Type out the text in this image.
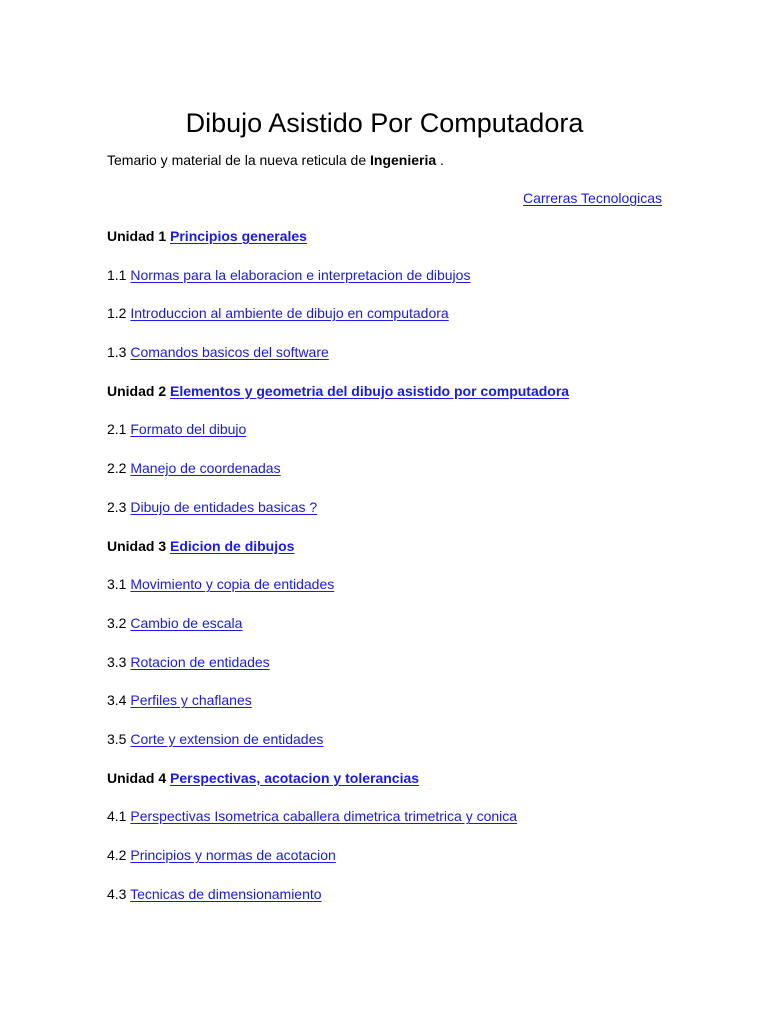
Dibujo Asistido Por Computadora

Temario y material de la nueva reticula de Ingenieria .

Carreras Tecnologicas
Unidad 1 Principios generales
1.1 Normas para la elaboracion e interpretacion de dibujos
1.2 Introduccion al ambiente de dibujo en computadora
1.3 Comandos basicos del software
Unidad 2 Elementos y geometria del dibujo asistido por computadora
2.1 Formato del dibujo
2.2 Manejo de coordenadas
2.3 Dibujo de entidades basicas ?
Unidad 3 Edicion de dibujos
3.1 Movimiento y copia de entidades
3.2 Cambio de escala
3.3 Rotacion de entidades
3.4 Perfiles y chaflanes
3.5 Corte y extension de entidades
Unidad 4 Perspectivas, acotacion y tolerancias
4.1 Perspectivas Isometrica caballera dimetrica trimetrica y conica
4.2 Principios y normas de acotacion
4.3 Tecnicas de dimensionamiento
